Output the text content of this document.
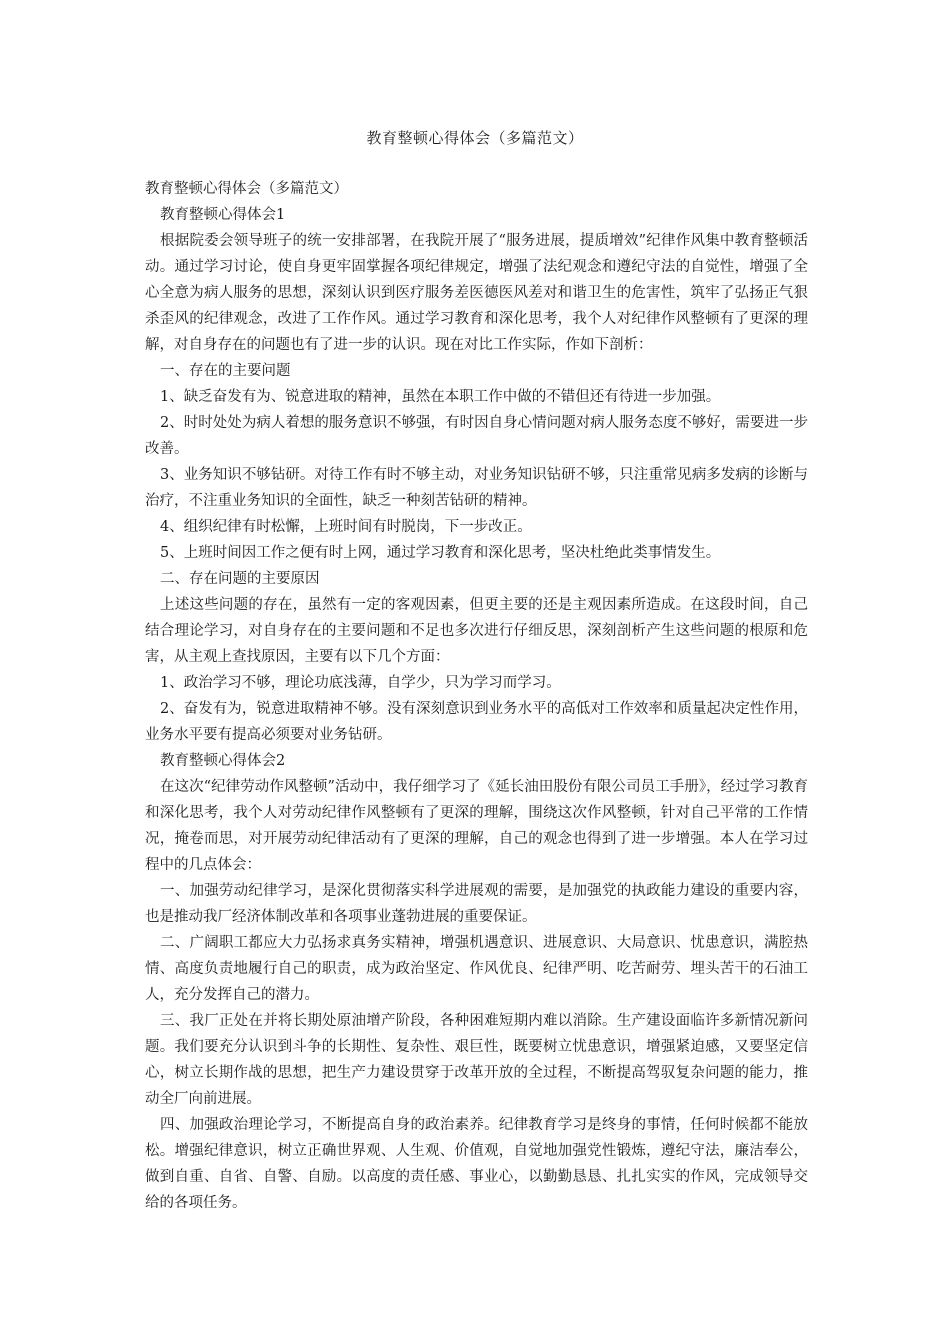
教育整顿心得体会（多篇范文）

教育整顿心得体会（多篇范文）

教育整顿心得体会1

根据院委会领导班子的统一安排部署，在我院开展了“服务进展，提质增效”纪律作风集中教育整顿活动。通过学习讨论，使自身更牢固掌握各项纪律规定，增强了法纪观念和遵纪守法的自觉性，增强了全心全意为病人服务的思想，深刻认识到医疗服务差医德医风差对和谐卫生的危害性，筑牢了弘扬正气狠杀歪风的纪律观念，改进了工作作风。通过学习教育和深化思考，我个人对纪律作风整顿有了更深的理解，对自身存在的问题也有了进一步的认识。现在对比工作实际，作如下剖析：

一、存在的主要问题

1、缺乏奋发有为、锐意进取的精神，虽然在本职工作中做的不错但还有待进一步加强。

2、时时处处为病人着想的服务意识不够强，有时因自身心情问题对病人服务态度不够好，需要进一步改善。

3、业务知识不够钻研。对待工作有时不够主动，对业务知识钻研不够，只注重常见病多发病的诊断与治疗，不注重业务知识的全面性，缺乏一种刻苦钻研的精神。

4、组织纪律有时松懈，上班时间有时脱岗，下一步改正。

5、上班时间因工作之便有时上网，通过学习教育和深化思考，坚决杜绝此类事情发生。

二、存在问题的主要原因

上述这些问题的存在，虽然有一定的客观因素，但更主要的还是主观因素所造成。在这段时间，自己结合理论学习，对自身存在的主要问题和不足也多次进行仔细反思，深刻剖析产生这些问题的根原和危害，从主观上查找原因，主要有以下几个方面：

1、政治学习不够，理论功底浅薄，自学少，只为学习而学习。

2、奋发有为，锐意进取精神不够。没有深刻意识到业务水平的高低对工作效率和质量起决定性作用，业务水平要有提高必须要对业务钻研。

教育整顿心得体会2

在这次“纪律劳动作风整顿”活动中，我仔细学习了《延长油田股份有限公司员工手册》，经过学习教育和深化思考，我个人对劳动纪律作风整顿有了更深的理解，围绕这次作风整顿，针对自己平常的工作情况，掩卷而思，对开展劳动纪律活动有了更深的理解，自己的观念也得到了进一步增强。本人在学习过程中的几点体会：

一、加强劳动纪律学习，是深化贯彻落实科学进展观的需要，是加强党的执政能力建设的重要内容，也是推动我厂经济体制改革和各项事业蓬勃进展的重要保证。

二、广阔职工都应大力弘扬求真务实精神，增强机遇意识、进展意识、大局意识、忧患意识，满腔热情、高度负责地履行自己的职责，成为政治坚定、作风优良、纪律严明、吃苦耐劳、埋头苦干的石油工人，充分发挥自己的潜力。

三、我厂正处在并将长期处原油增产阶段，各种困难短期内难以消除。生产建设面临许多新情况新问题。我们要充分认识到斗争的长期性、复杂性、艰巨性，既要树立忧患意识，增强紧迫感，又要坚定信心，树立长期作战的思想，把生产力建设贯穿于改革开放的全过程，不断提高驾驭复杂问题的能力，推动全厂向前进展。

四、加强政治理论学习，不断提高自身的政治素养。纪律教育学习是终身的事情，任何时候都不能放松。增强纪律意识，树立正确世界观、人生观、价值观，自觉地加强党性锻炼，遵纪守法，廉洁奉公，做到自重、自省、自警、自励。以高度的责任感、事业心，以勤勤恳恳、扎扎实实的作风，完成领导交给的各项任务。
